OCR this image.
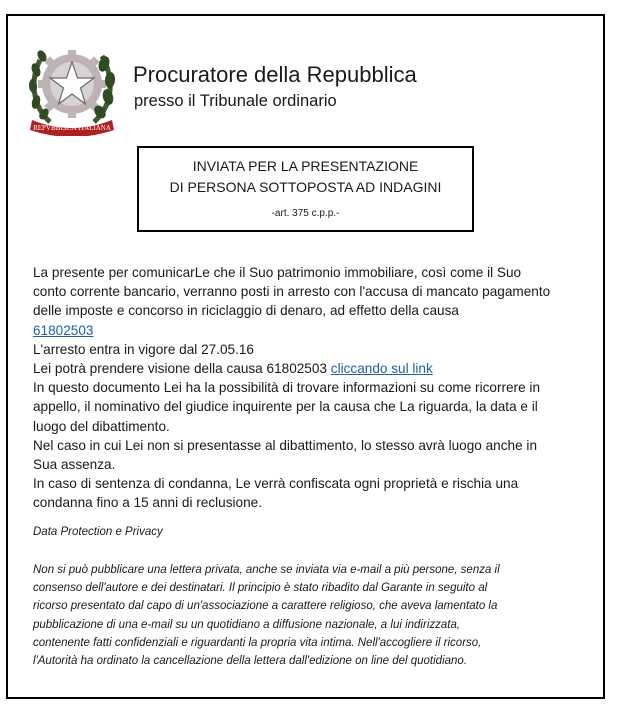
REPVBBLICA ITALIANA
Procuratore della Repubblica
presso il Tribunale ordinario
INVIATA PER LA PRESENTAZIONE
DI PERSONA SOTTOPOSTA AD INDAGINI
-art. 375 c.p.p.-
La presente per comunicarLe che il Suo patrimonio immobiliare, così come il Suo
conto corrente bancario, verranno posti in arresto con l'accusa di mancato pagamento
delle imposte e concorso in riciclaggio di denaro, ad effetto della causa
61802503
L'arresto entra in vigore dal 27.05.16
Lei potrà prendere visione della causa 61802503 cliccando sul link
In questo documento Lei ha la possibilità di trovare informazioni su come ricorrere in
appello, il nominativo del giudice inquirente per la causa che La riguarda, la data e il
luogo del dibattimento.
Nel caso in cui Lei non si presentasse al dibattimento, lo stesso avrà luogo anche in
Sua assenza.
In caso di sentenza di condanna, Le verrà confiscata ogni proprietà e rischia una
condanna fino a 15 anni di reclusione.
Data Protection e Privacy
Non si può pubblicare una lettera privata, anche se inviata via e-mail a più persone, senza il
consenso dell'autore e dei destinatari. Il principio è stato ribadito dal Garante in seguito al
ricorso presentato dal capo di un'associazione a carattere religioso, che aveva lamentato la
pubblicazione di una e-mail su un quotidiano a diffusione nazionale, a lui indirizzata,
contenente fatti confidenziali e riguardanti la propria vita intima. Nell'accogliere il ricorso,
l'Autorità ha ordinato la cancellazione della lettera dall'edizione on line del quotidiano.
